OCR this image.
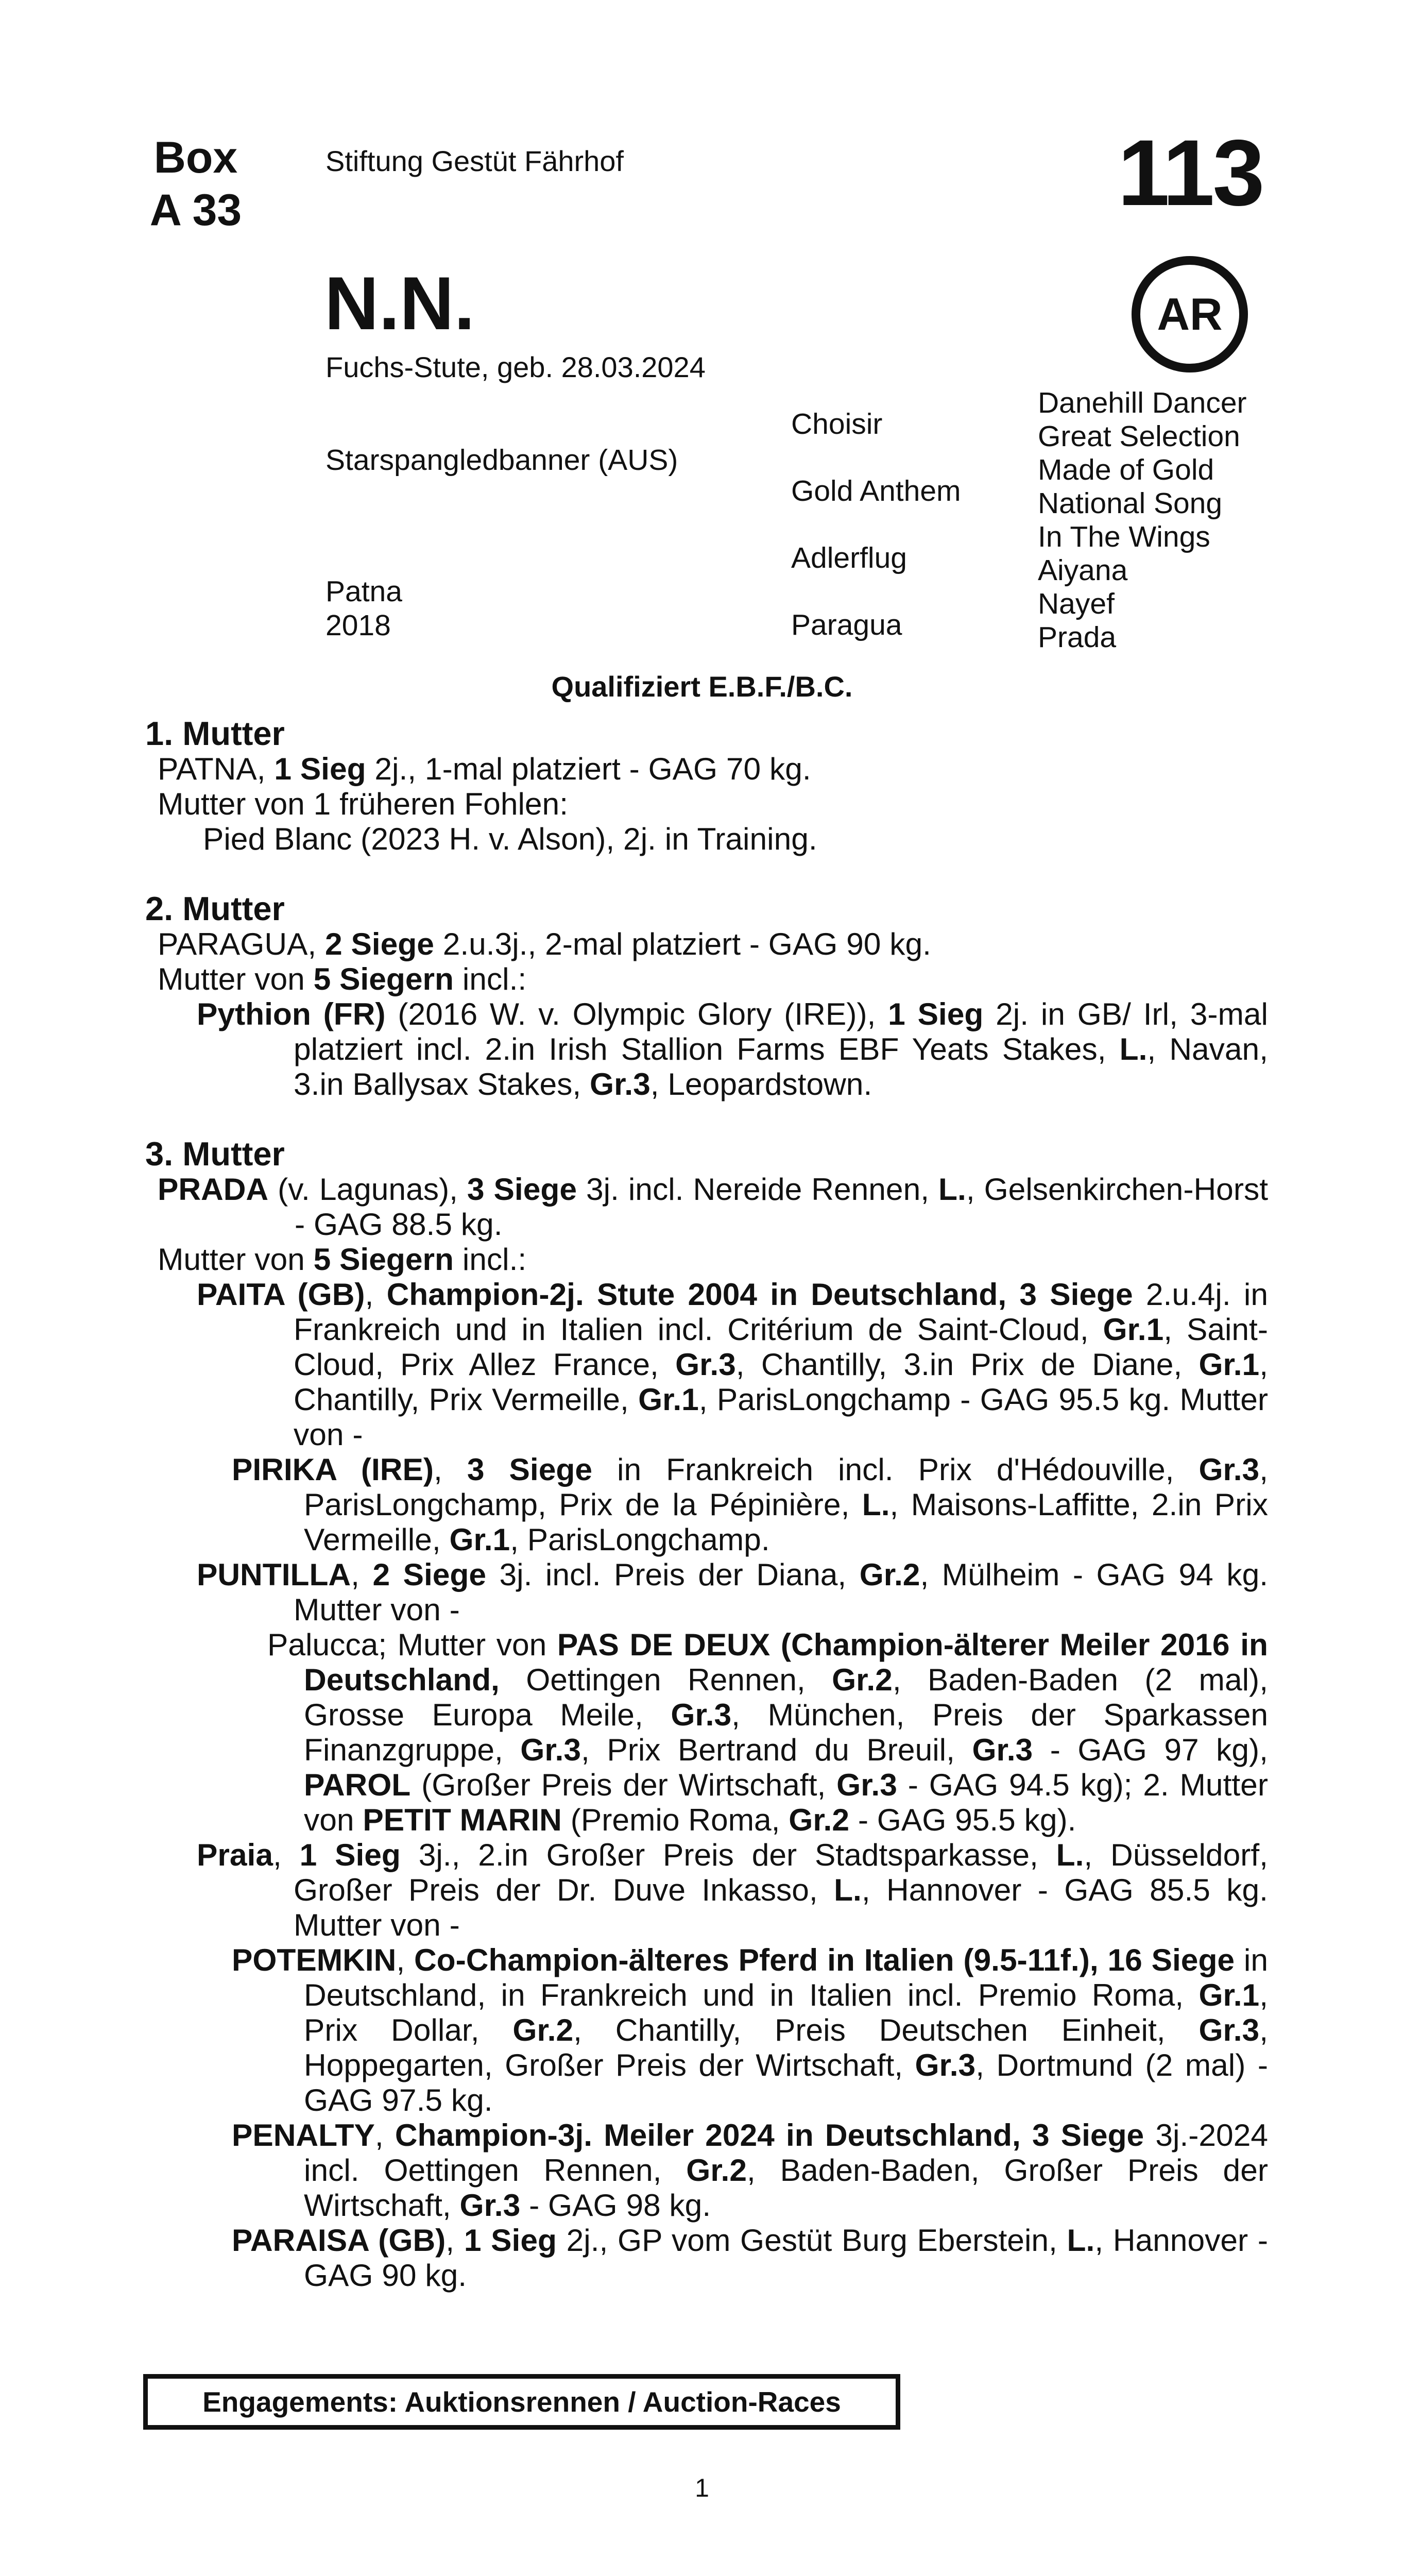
Box
A 33
Stiftung Gestüt Fährhof	113
AR
N.N.
Fuchs-Stute, geb. 28.03.2024
Starspangledbanner (AUS)
Patna
2018
Choisir
Gold Anthem
Adlerflug
Paragua
Danehill Dancer
Great Selection
Made of Gold
National Song
In The Wings
Aiyana
Nayef
Prada
Qualifiziert E.B.F./B.C.
1. Mutter
PATNA, 1 Sieg 2j., 1-mal platziert - GAG 70 kg.
Mutter von 1 früheren Fohlen:
Pied Blanc (2023 H. v. Alson), 2j. in Training.
2. Mutter
PARAGUA, 2 Siege 2.u.3j., 2-mal platziert - GAG 90 kg.
Mutter von 5 Siegern incl.:
Pythion (FR) (2016 W. v. Olympic Glory (IRE)), 1 Sieg 2j. in GB/ Irl, 3-mal platziert incl. 2.in Irish Stallion Farms EBF Yeats Stakes, L., Navan, 3.in Ballysax Stakes, Gr.3, Leopardstown.
3. Mutter
PRADA (v. Lagunas), 3 Siege 3j. incl. Nereide Rennen, L., Gelsenkirchen-Horst - GAG 88.5 kg.
Mutter von 5 Siegern incl.:
PAITA (GB), Champion-2j. Stute 2004 in Deutschland, 3 Siege 2.u.4j. in Frankreich und in Italien incl. Critérium de Saint-Cloud, Gr.1, Saint-Cloud, Prix Allez France, Gr.3, Chantilly, 3.in Prix de Diane, Gr.1, Chantilly, Prix Vermeille, Gr.1, ParisLongchamp - GAG 95.5 kg. Mutter von -
PIRIKA (IRE), 3 Siege in Frankreich incl. Prix d'Hédouville, Gr.3, ParisLongchamp, Prix de la Pépinière, L., Maisons-Laffitte, 2.in Prix Vermeille, Gr.1, ParisLongchamp.
PUNTILLA, 2 Siege 3j. incl. Preis der Diana, Gr.2, Mülheim - GAG 94 kg. Mutter von -
Palucca; Mutter von PAS DE DEUX (Champion-älterer Meiler 2016 in Deutschland, Oettingen Rennen, Gr.2, Baden-Baden (2 mal), Grosse Europa Meile, Gr.3, München, Preis der Sparkassen Finanzgruppe, Gr.3, Prix Bertrand du Breuil, Gr.3 - GAG 97 kg), PAROL (Großer Preis der Wirtschaft, Gr.3 - GAG 94.5 kg); 2. Mutter von PETIT MARIN (Premio Roma, Gr.2 - GAG 95.5 kg).
Praia, 1 Sieg 3j., 2.in Großer Preis der Stadtsparkasse, L., Düsseldorf, Großer Preis der Dr. Duve Inkasso, L., Hannover - GAG 85.5 kg. Mutter von -
POTEMKIN, Co-Champion-älteres Pferd in Italien (9.5-11f.), 16 Siege in Deutschland, in Frankreich und in Italien incl. Premio Roma, Gr.1, Prix Dollar, Gr.2, Chantilly, Preis Deutschen Einheit, Gr.3, Hoppegarten, Großer Preis der Wirtschaft, Gr.3, Dortmund (2 mal) - GAG 97.5 kg.
PENALTY, Champion-3j. Meiler 2024 in Deutschland, 3 Siege 3j.-2024 incl. Oettingen Rennen, Gr.2, Baden-Baden, Großer Preis der Wirtschaft, Gr.3 - GAG 98 kg.
PARAISA (GB), 1 Sieg 2j., GP vom Gestüt Burg Eberstein, L., Hannover - GAG 90 kg.
Engagements: Auktionsrennen / Auction-Races
1
